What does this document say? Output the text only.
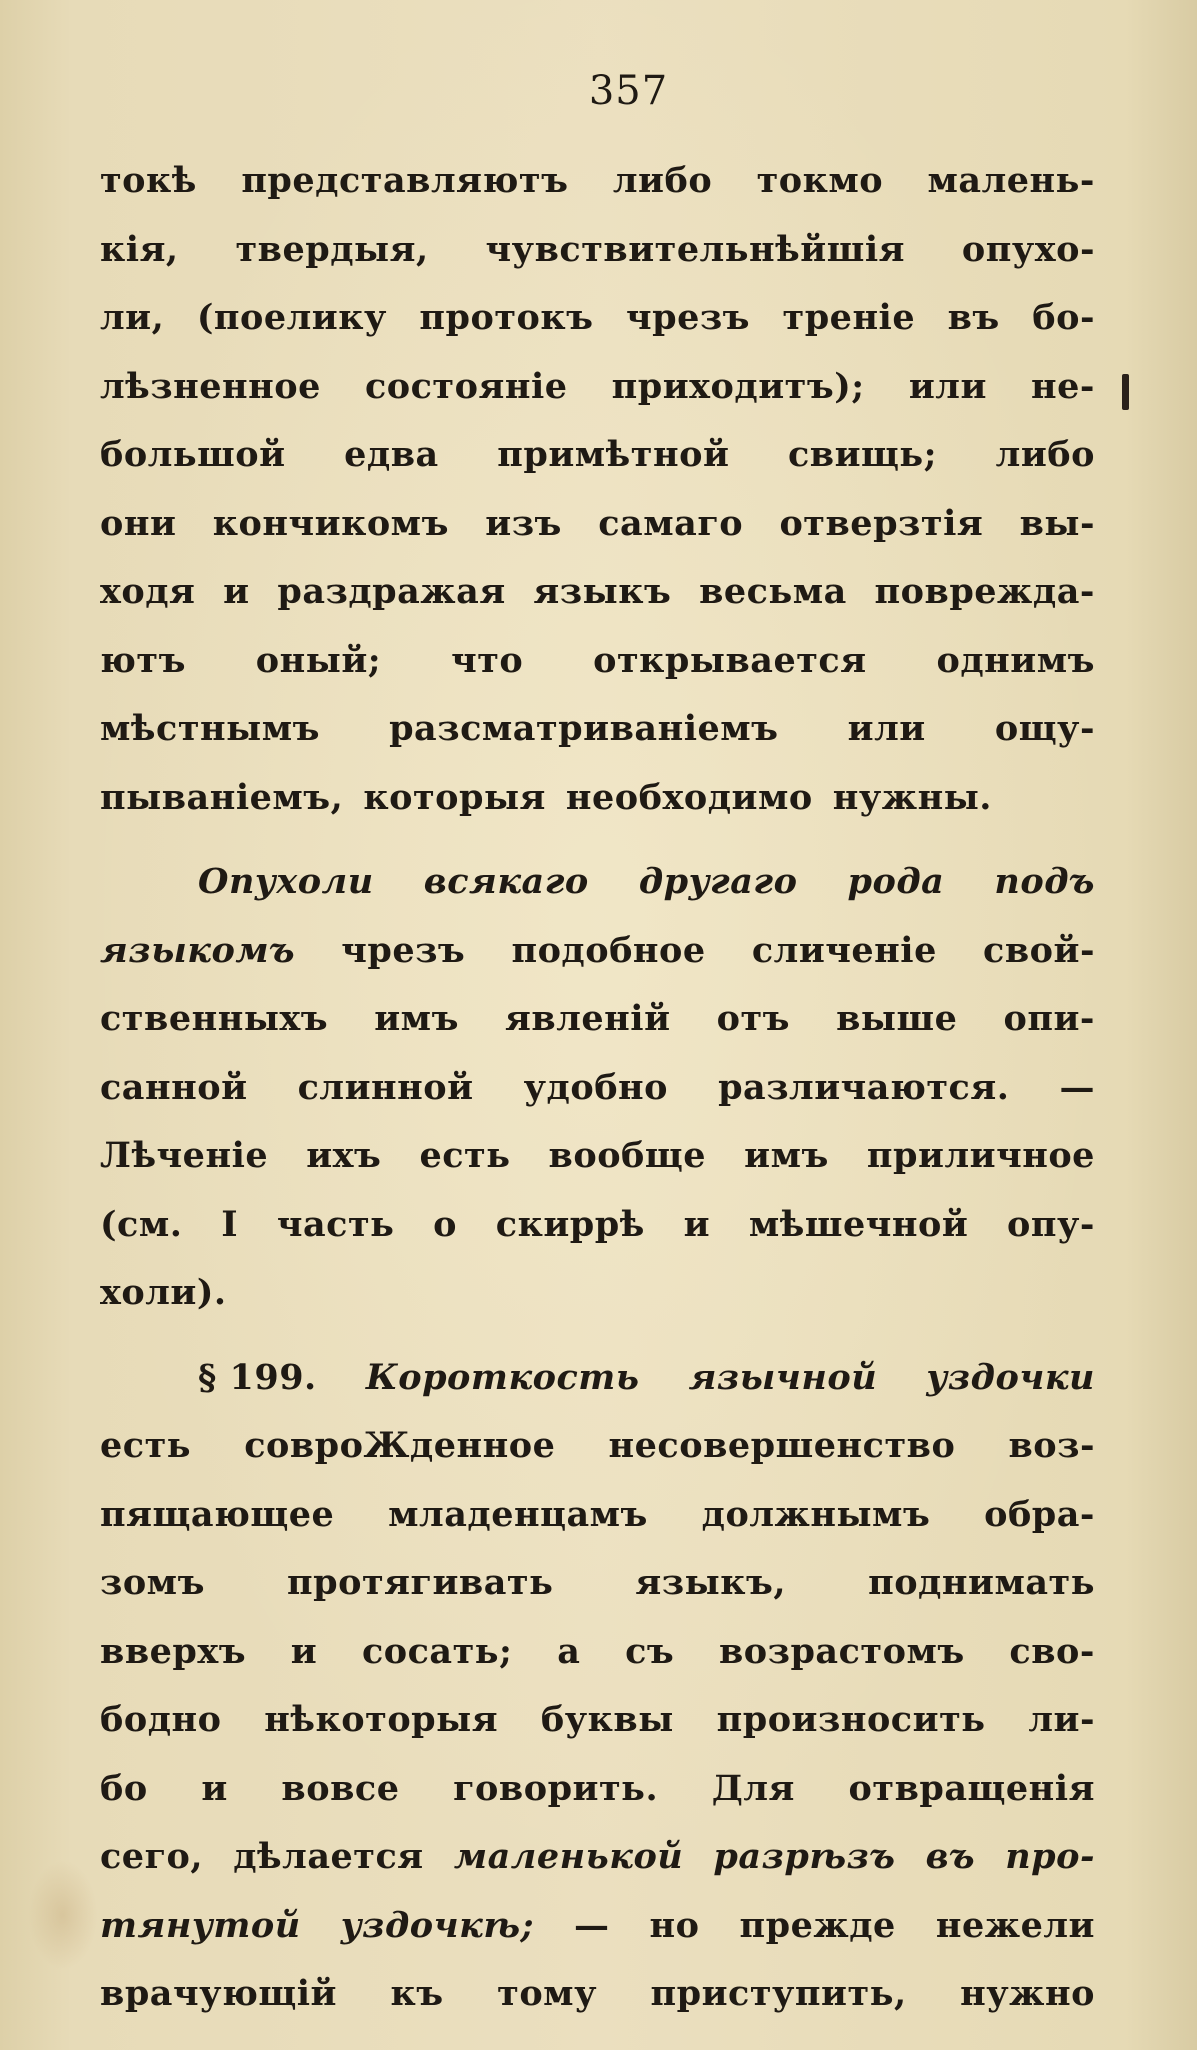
357
токѣ представляютъ либо токмо малень-
кія, твердыя, чувствительнѣйшія опухо-
ли, (поелику протокъ чрезъ треніе въ бо-
лѣзненное состояніе приходитъ); или не-
большой едва примѣтной свищь; либо
они кончикомъ изъ самаго отверзтія вы-
ходя и раздражая языкъ весьма повреждa-
ютъ оный; что открывается однимъ
мѣстнымъ разсматриваніемъ или ощу-
пываніемъ, которыя необходимо нужны.
Опухоли всякаго другаго рода подъ
языкомъ чрезъ подобное сличеніе свой-
ственныхъ имъ явленій отъ выше опи-
санной слинной удобно различаются. —
Лѣченіе ихъ есть вообще имъ приличное
(см. I часть о скиррѣ и мѣшечной опу-
холи).
§ 199. Короткость язычной уздочки
есть совроЖденное несовершенство воз-
пящающее младенцамъ должнымъ обра-
зомъ протягивать языкъ, поднимать
вверхъ и сосать; а съ возрастомъ сво-
бодно нѣкоторыя буквы произносить ли-
бо и вовсе говорить. Для отвращенія
сего, дѣлается маленькой разрѣзъ въ про-
тянутой уздочкѣ; — но прежде нежели
врачующій къ тому приступить, нужно
